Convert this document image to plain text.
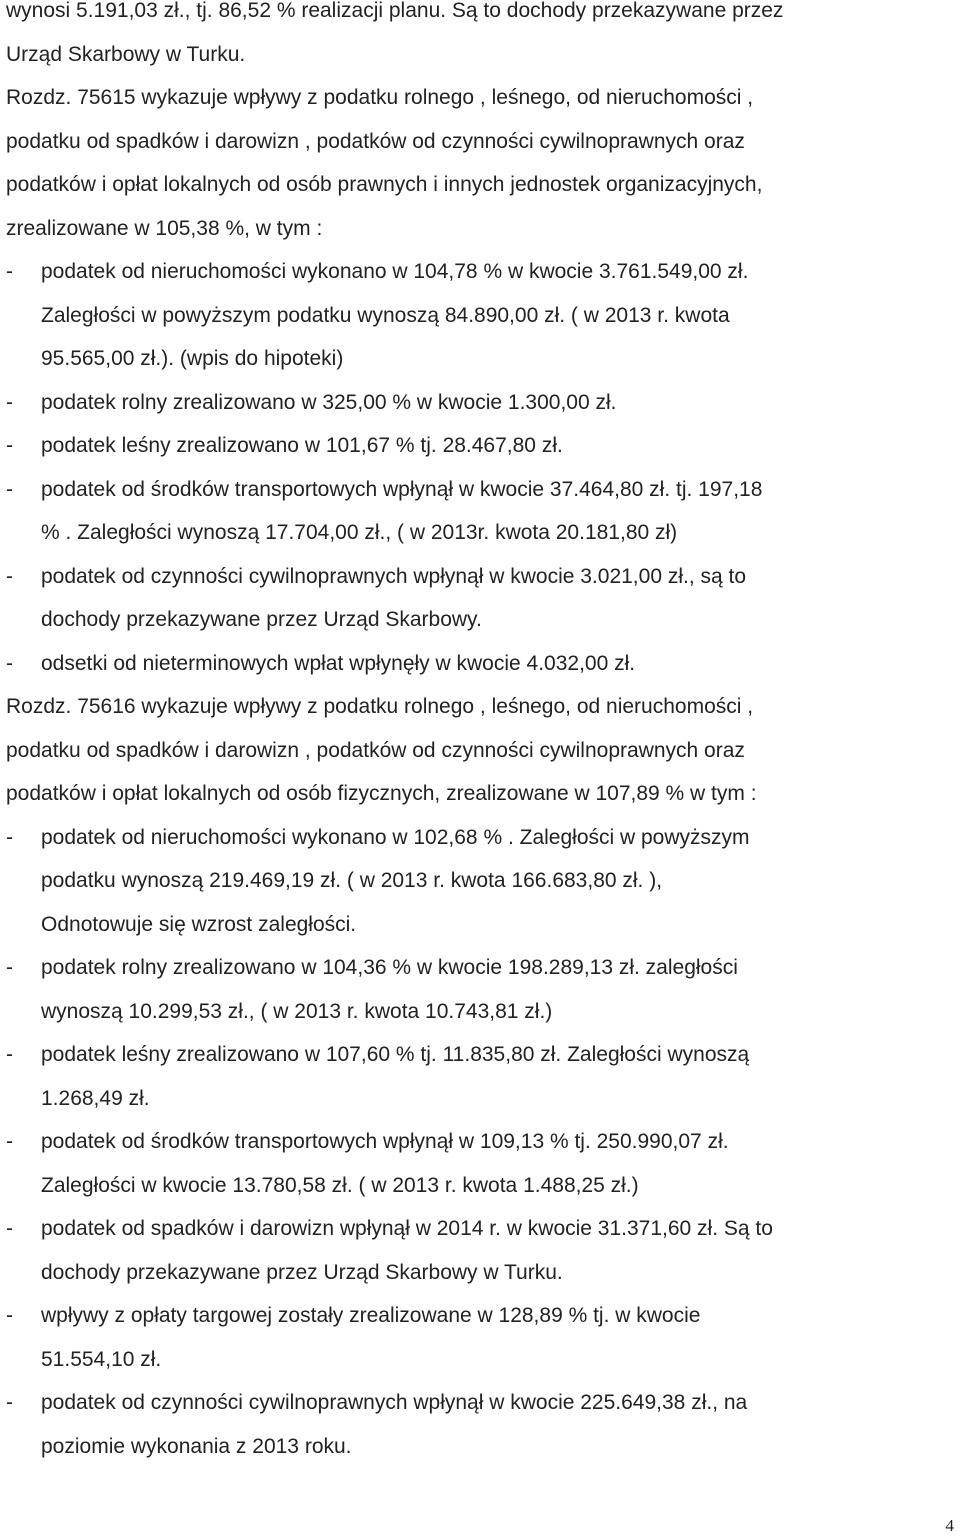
wynosi 5.191,03 zł., tj. 86,52 % realizacji planu. Są to dochody przekazywane przez
Urząd Skarbowy w Turku.
Rozdz. 75615 wykazuje wpływy z podatku rolnego , leśnego, od nieruchomości ,
podatku od spadków i darowizn , podatków od czynności cywilnoprawnych oraz
podatków i opłat lokalnych od osób prawnych i innych jednostek organizacyjnych,
zrealizowane w 105,38 %, w tym :
- podatek od nieruchomości wykonano w 104,78 % w kwocie 3.761.549,00 zł.
Zaległości w powyższym podatku wynoszą 84.890,00 zł. ( w 2013 r. kwota
95.565,00 zł.). (wpis do hipoteki)
- podatek rolny zrealizowano w 325,00 % w kwocie 1.300,00 zł.
- podatek leśny zrealizowano w 101,67 % tj. 28.467,80 zł.
- podatek od środków transportowych wpłynął w kwocie 37.464,80 zł. tj. 197,18
% . Zaległości wynoszą 17.704,00 zł., ( w 2013r. kwota 20.181,80 zł)
- podatek od czynności cywilnoprawnych wpłynął w kwocie 3.021,00 zł., są to
dochody przekazywane przez Urząd Skarbowy.
- odsetki od nieterminowych wpłat wpłynęły w kwocie 4.032,00 zł.
Rozdz. 75616 wykazuje wpływy z podatku rolnego , leśnego, od nieruchomości ,
podatku od spadków i darowizn , podatków od czynności cywilnoprawnych oraz
podatków i opłat lokalnych od osób fizycznych, zrealizowane w 107,89 % w tym :
- podatek od nieruchomości wykonano w 102,68 % . Zaległości w powyższym
podatku wynoszą 219.469,19 zł. ( w 2013 r. kwota 166.683,80 zł. ),
Odnotowuje się wzrost zaległości.
- podatek rolny zrealizowano w 104,36 % w kwocie 198.289,13 zł. zaległości
wynoszą 10.299,53 zł., ( w 2013 r. kwota 10.743,81 zł.)
- podatek leśny zrealizowano w 107,60 % tj. 11.835,80 zł. Zaległości wynoszą
1.268,49 zł.
- podatek od środków transportowych wpłynął w 109,13 % tj. 250.990,07 zł.
Zaległości w kwocie 13.780,58 zł. ( w 2013 r. kwota 1.488,25 zł.)
- podatek od spadków i darowizn wpłynął w 2014 r. w kwocie 31.371,60 zł. Są to
dochody przekazywane przez Urząd Skarbowy w Turku.
- wpływy z opłaty targowej zostały zrealizowane w 128,89 % tj. w kwocie
51.554,10 zł.
- podatek od czynności cywilnoprawnych wpłynął w kwocie 225.649,38 zł., na
poziomie wykonania z 2013 roku.
4
